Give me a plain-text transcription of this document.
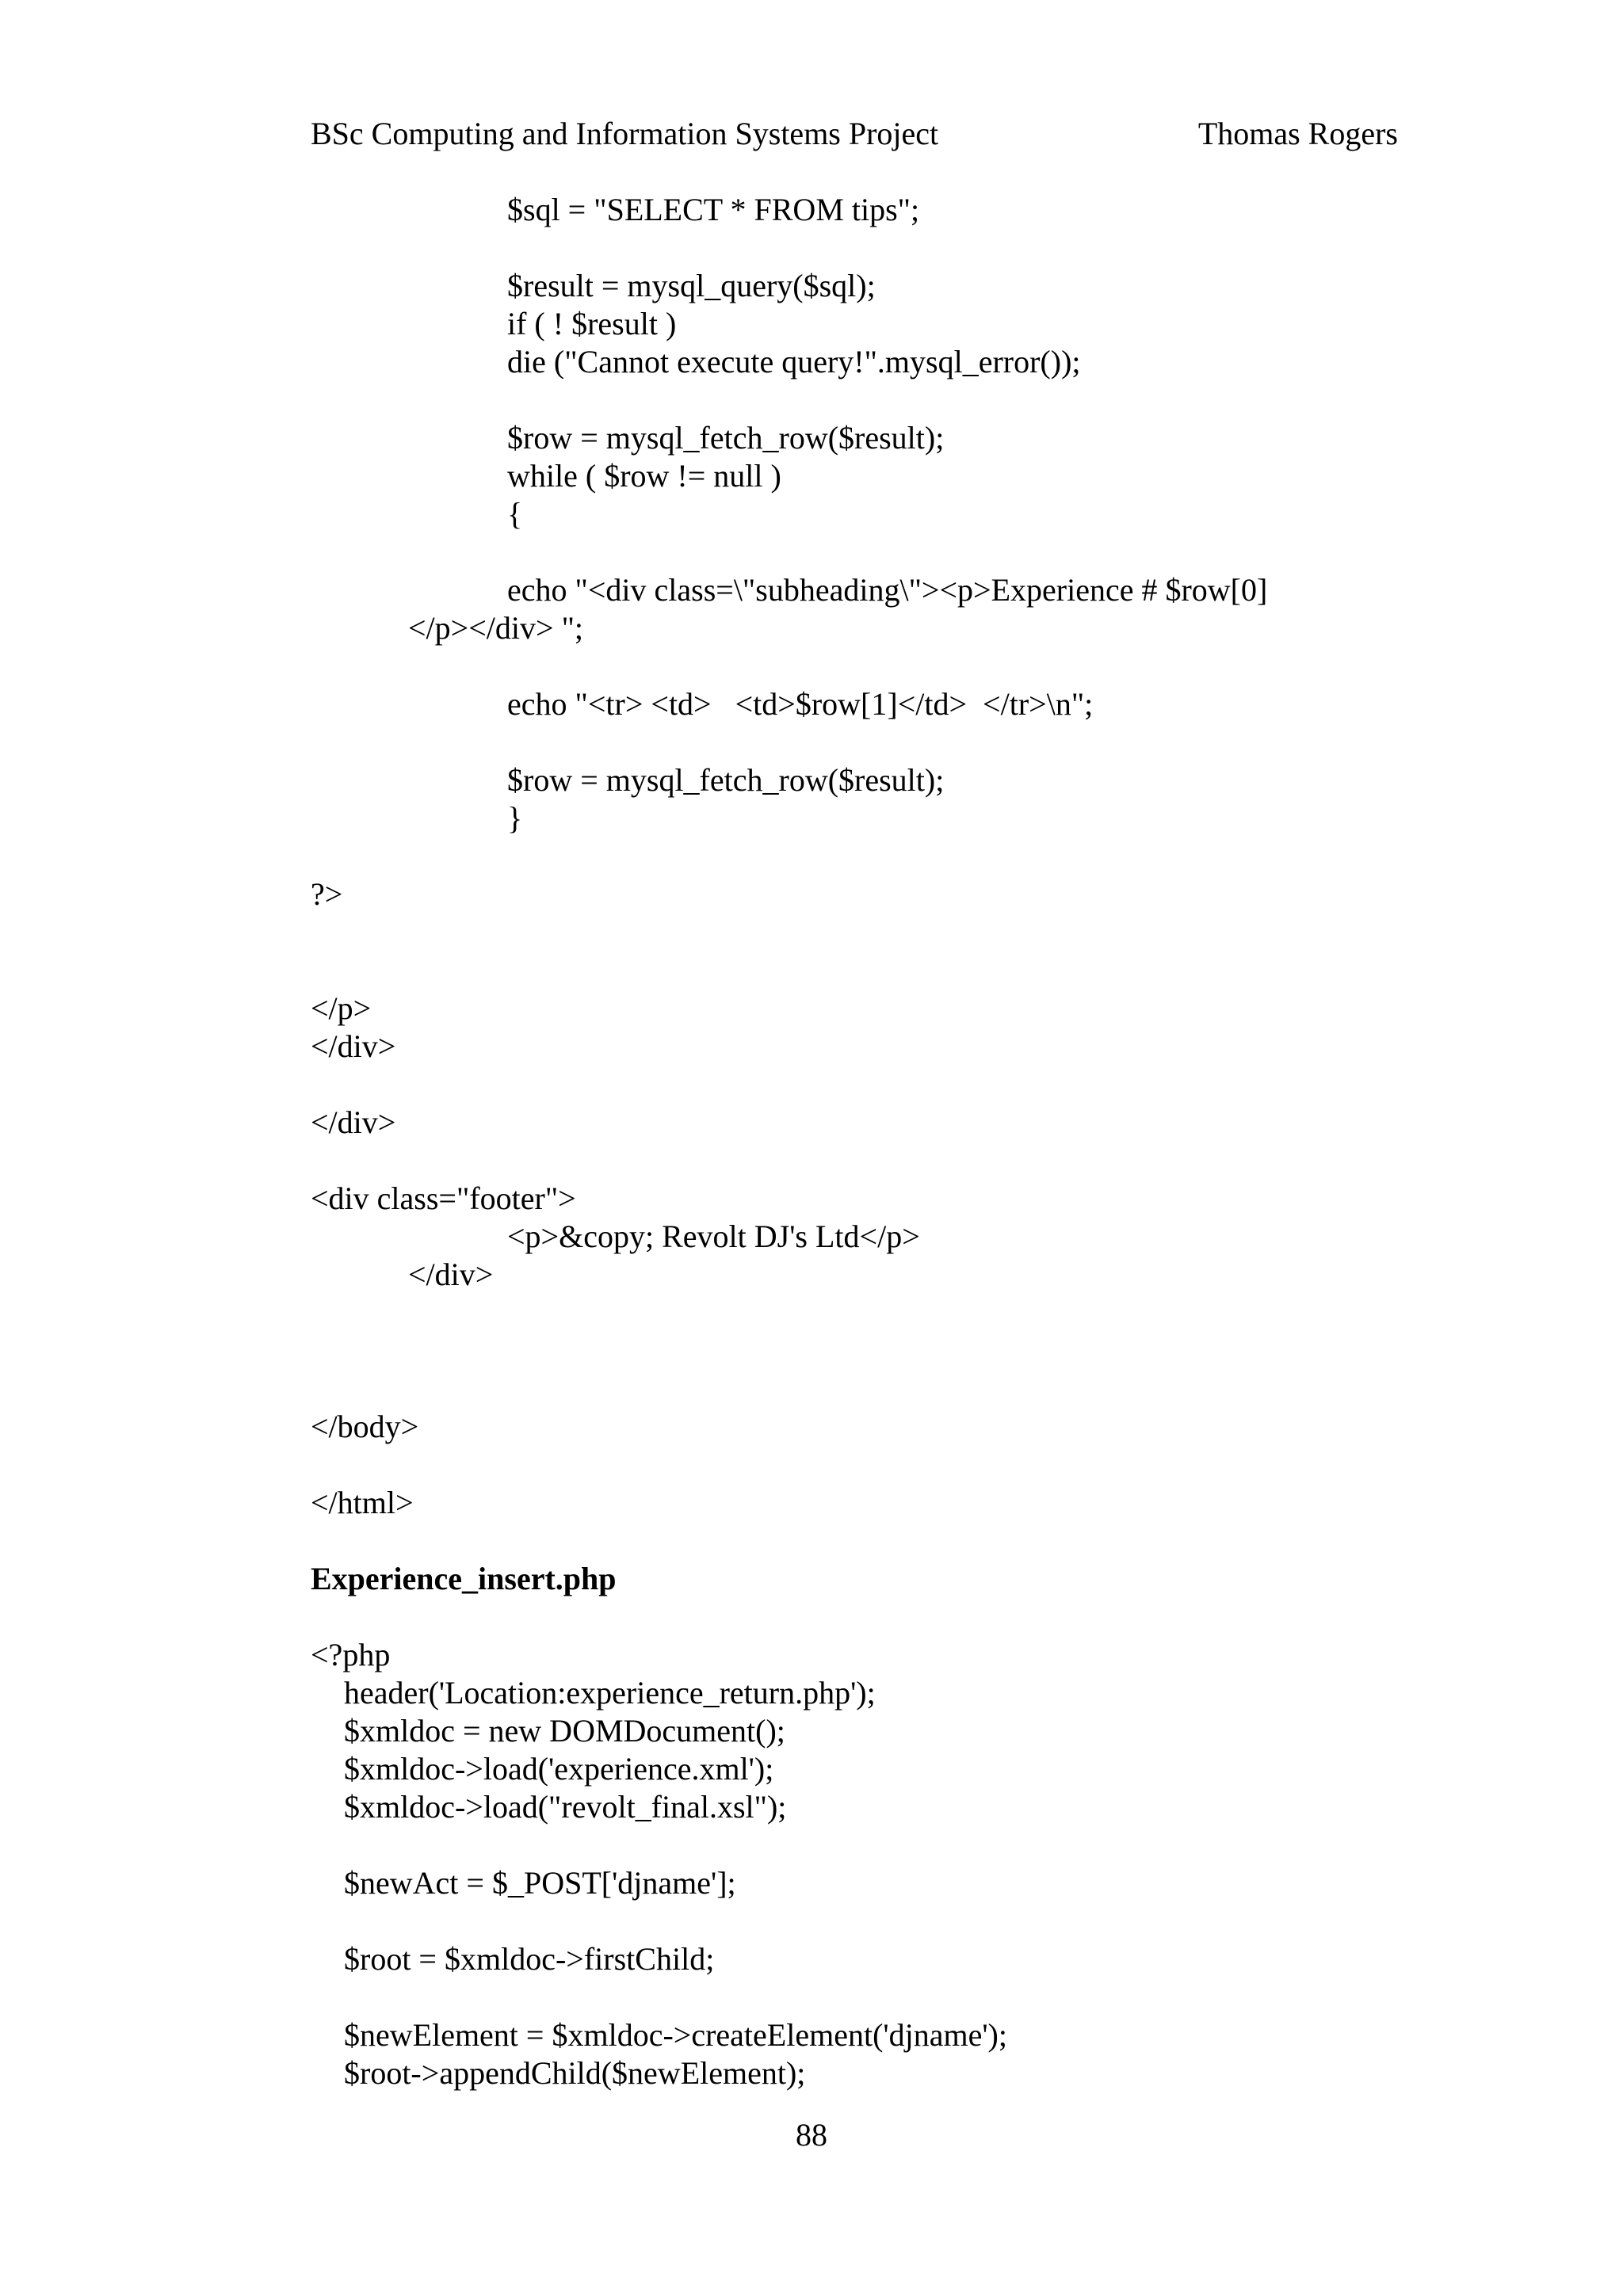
BSc Computing and Information Systems Project	Thomas Rogers
$sql = "SELECT * FROM tips";
$result = mysql_query($sql);
if ( ! $result )
die ("Cannot execute query!".mysql_error());
$row = mysql_fetch_row($result);
while ( $row != null )
{
echo "<div class=\"subheading\"><p>Experience # $row[0]
</p></div> ";
echo "<tr> <td>   <td>$row[1]</td>  </tr>\n";
$row = mysql_fetch_row($result);
}
?>
</p>
</div>
</div>
<div class="footer">
<p>&copy; Revolt DJ's Ltd</p>
</div>
</body>
</html>
Experience_insert.php
<?php
header('Location:experience_return.php');
$xmldoc = new DOMDocument();
$xmldoc->load('experience.xml');
$xmldoc->load("revolt_final.xsl");
$newAct = $_POST['djname'];
$root = $xmldoc->firstChild;
$newElement = $xmldoc->createElement('djname');
$root->appendChild($newElement);
88
